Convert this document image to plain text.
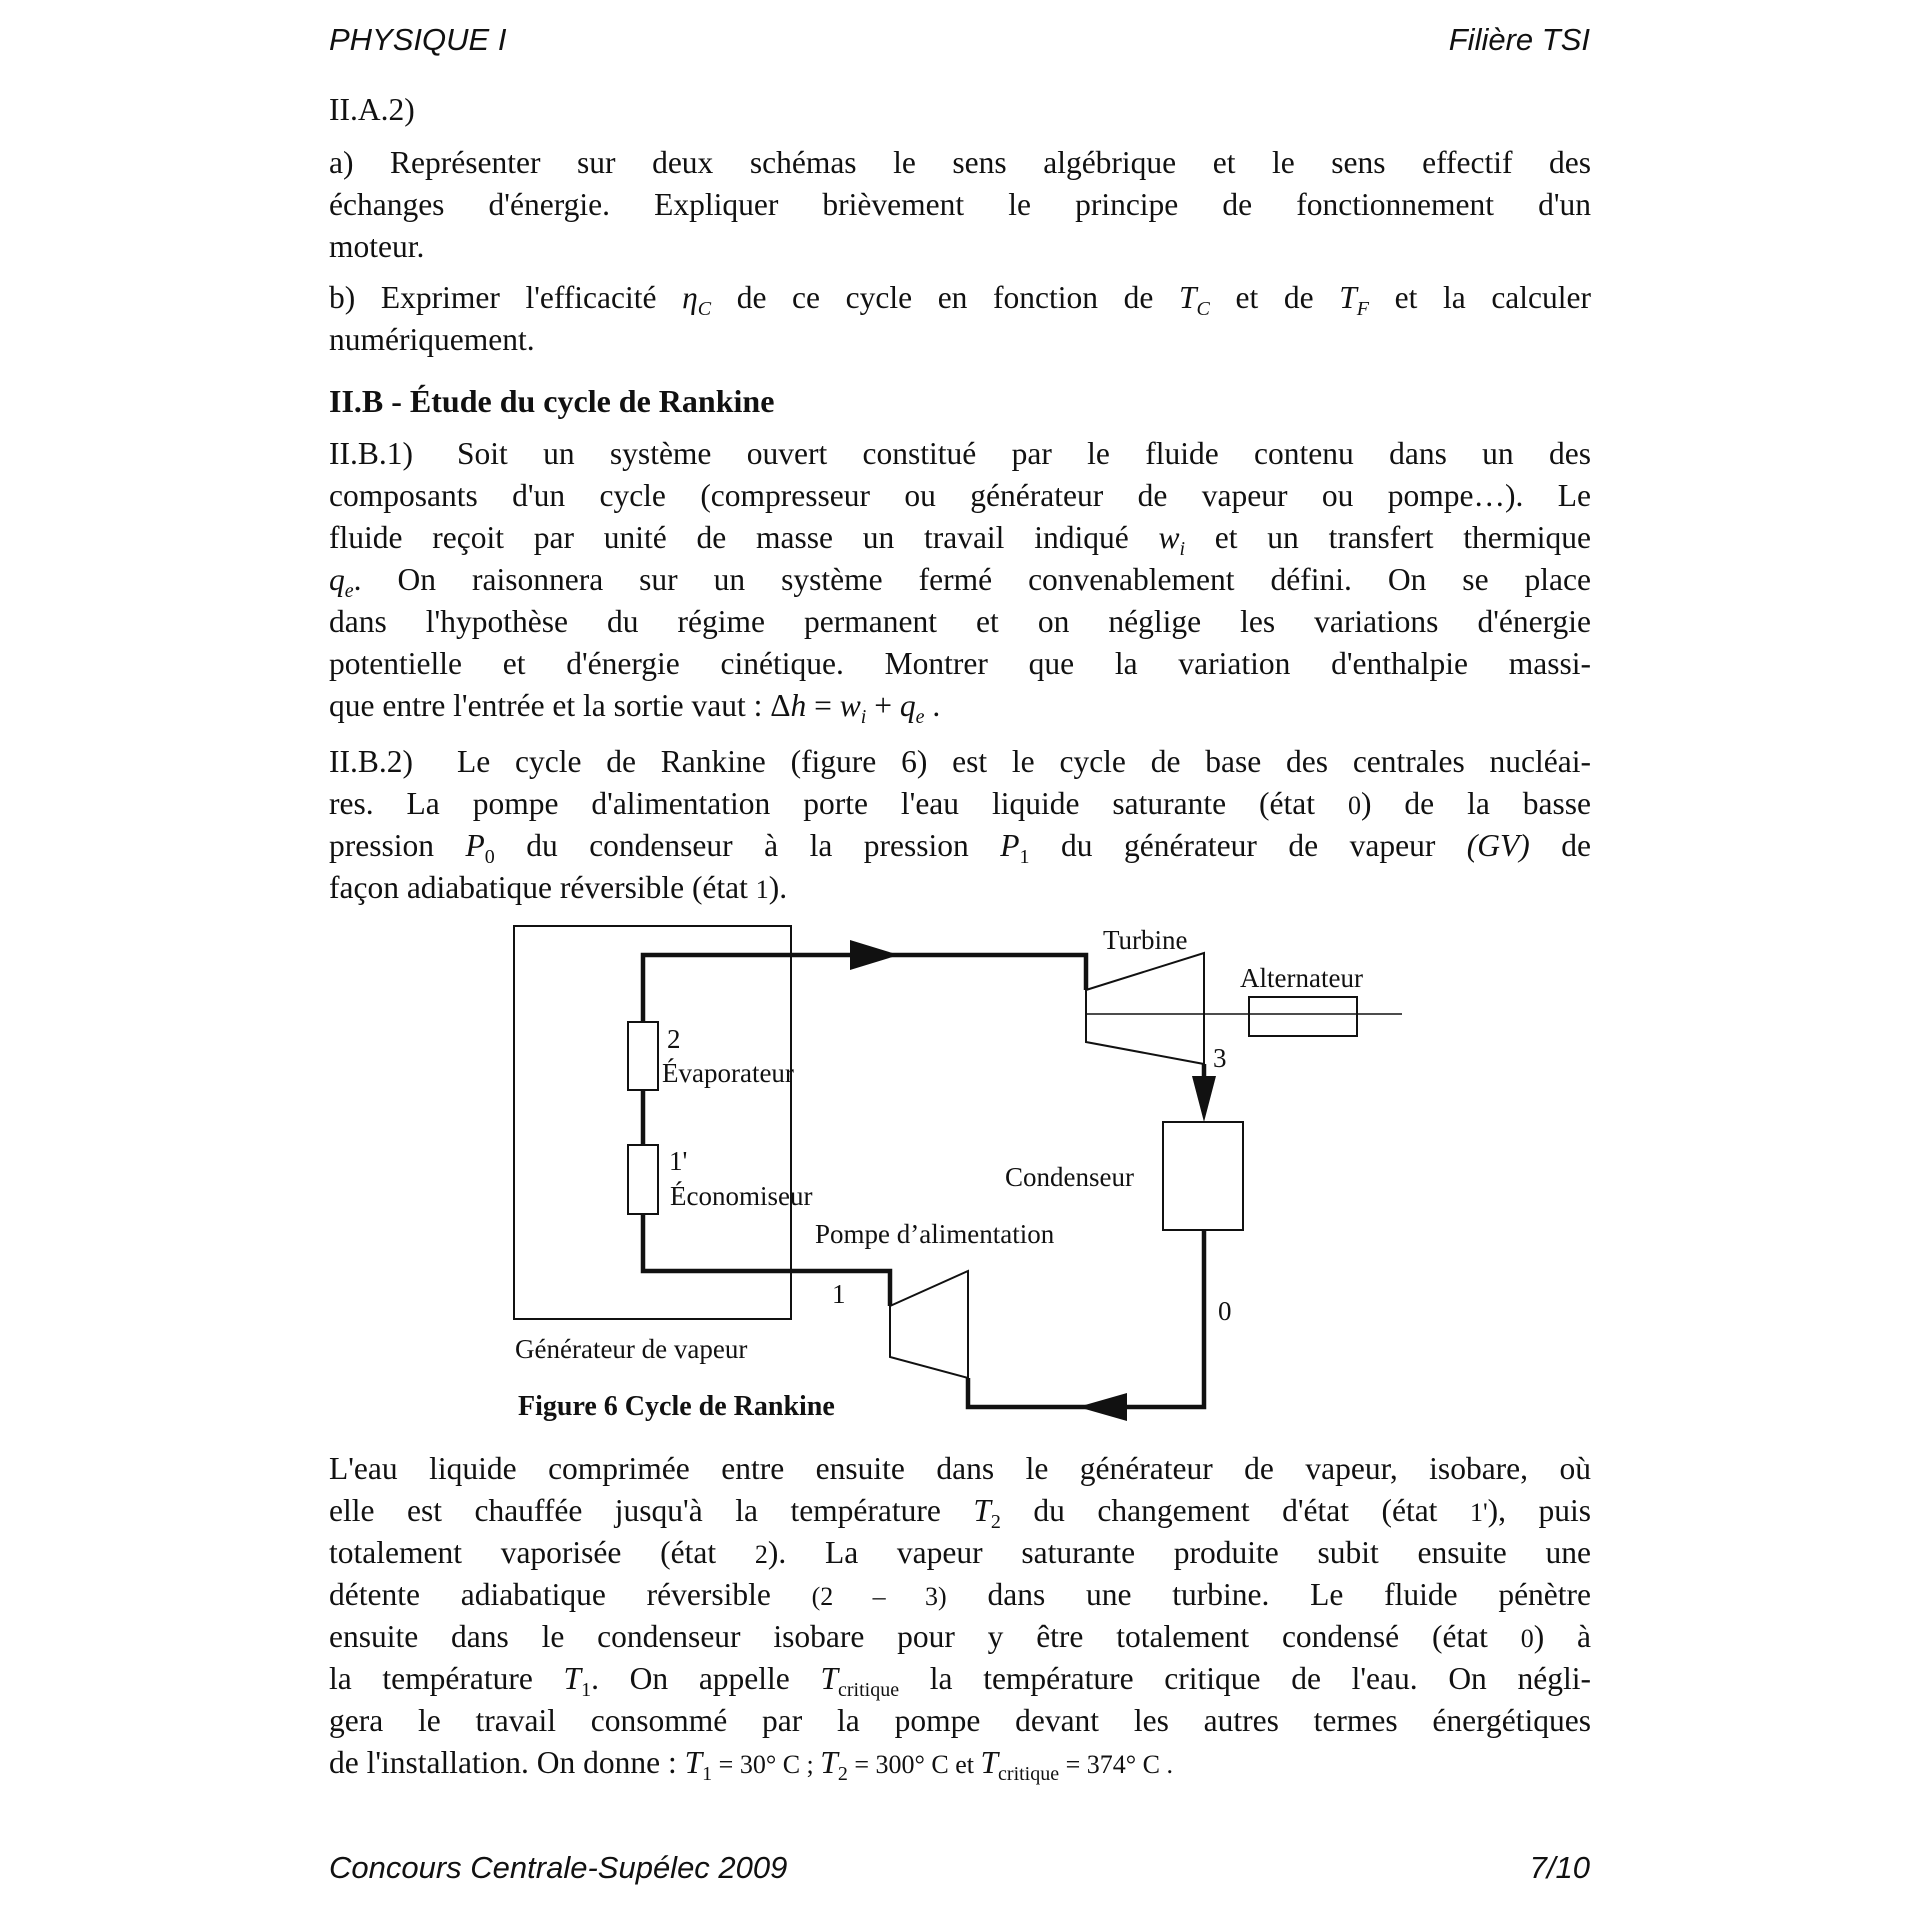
PHYSIQUE I	Filière TSI
II.A.2)
a) Représenter sur deux schémas le sens algébrique et le sens effectif des
échanges d'énergie. Expliquer brièvement le principe de fonctionnement d'un
moteur.
b) Exprimer l'efficacité $\eta_C$ de ce cycle en fonction de $T_C$ et de $T_F$ et la calculer
numériquement.
II.B - Étude du cycle de Rankine
II.B.1) Soit un système ouvert constitué par le fluide contenu dans un des
composants d'un cycle (compresseur ou générateur de vapeur ou pompe…). Le
fluide reçoit par unité de masse un travail indiqué $w_i$ et un transfert thermique
$q_e$. On raisonnera sur un système fermé convenablement défini. On se place
dans l'hypothèse du régime permanent et on néglige les variations d'énergie
potentielle et d'énergie cinétique. Montrer que la variation d'enthalpie massi-
que entre l'entrée et la sortie vaut : $\Delta h = w_i + q_e$ .
II.B.2) Le cycle de Rankine (figure 6) est le cycle de base des centrales nucléai-
res. La pompe d'alimentation porte l'eau liquide saturante (état 0) de la basse
pression $P_0$ du condenseur à la pression $P_1$ du générateur de vapeur (GV) de
façon adiabatique réversible (état 1).
Turbine
Alternateur
2
Évaporateur
1'
Économiseur
3
Condenseur
Pompe d’alimentation
1
0
Générateur de vapeur
Figure 6 Cycle de Rankine
L'eau liquide comprimée entre ensuite dans le générateur de vapeur, isobare, où
elle est chauffée jusqu'à la température $T_2$ du changement d'état (état 1'), puis
totalement vaporisée (état 2). La vapeur saturante produite subit ensuite une
détente adiabatique réversible (2 – 3) dans une turbine. Le fluide pénètre
ensuite dans le condenseur isobare pour y être totalement condensé (état 0) à
la température $T_1$. On appelle $T_{critique}$ la température critique de l'eau. On négli-
gera le travail consommé par la pompe devant les autres termes énergétiques
de l'installation. On donne : $T_1 = 30^\circ$ C ; $T_2 = 300^\circ$ C et $T_{critique} = 374^\circ$ C .
Concours Centrale-Supélec 2009	7/10
